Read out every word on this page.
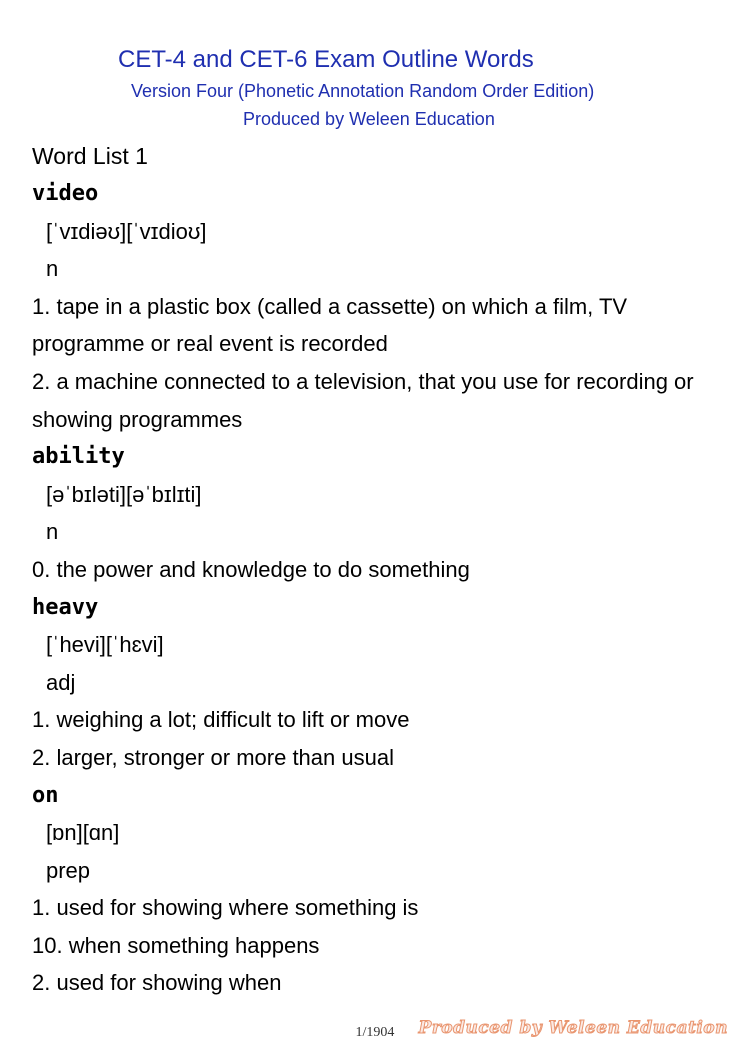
CET-4 and CET-6 Exam Outline Words
Version Four (Phonetic Annotation Random Order Edition)
Produced by Weleen Education
Word List 1
video
[ˈvɪdiəʊ][ˈvɪdioʊ]
n
1. tape in a plastic box (called a cassette) on which a film, TV programme or real event is recorded
2. a machine connected to a television, that you use for recording or showing programmes
ability
[əˈbɪləti][əˈbɪlɪti]
n
0. the power and knowledge to do something
heavy
[ˈhevi][ˈhɛvi]
adj
1. weighing a lot; difficult to lift or move
2. larger, stronger or more than usual
on
[ɒn][ɑn]
prep
1. used for showing where something is
10. when something happens
2. used for showing when
1/1904	Produced by Weleen Education
